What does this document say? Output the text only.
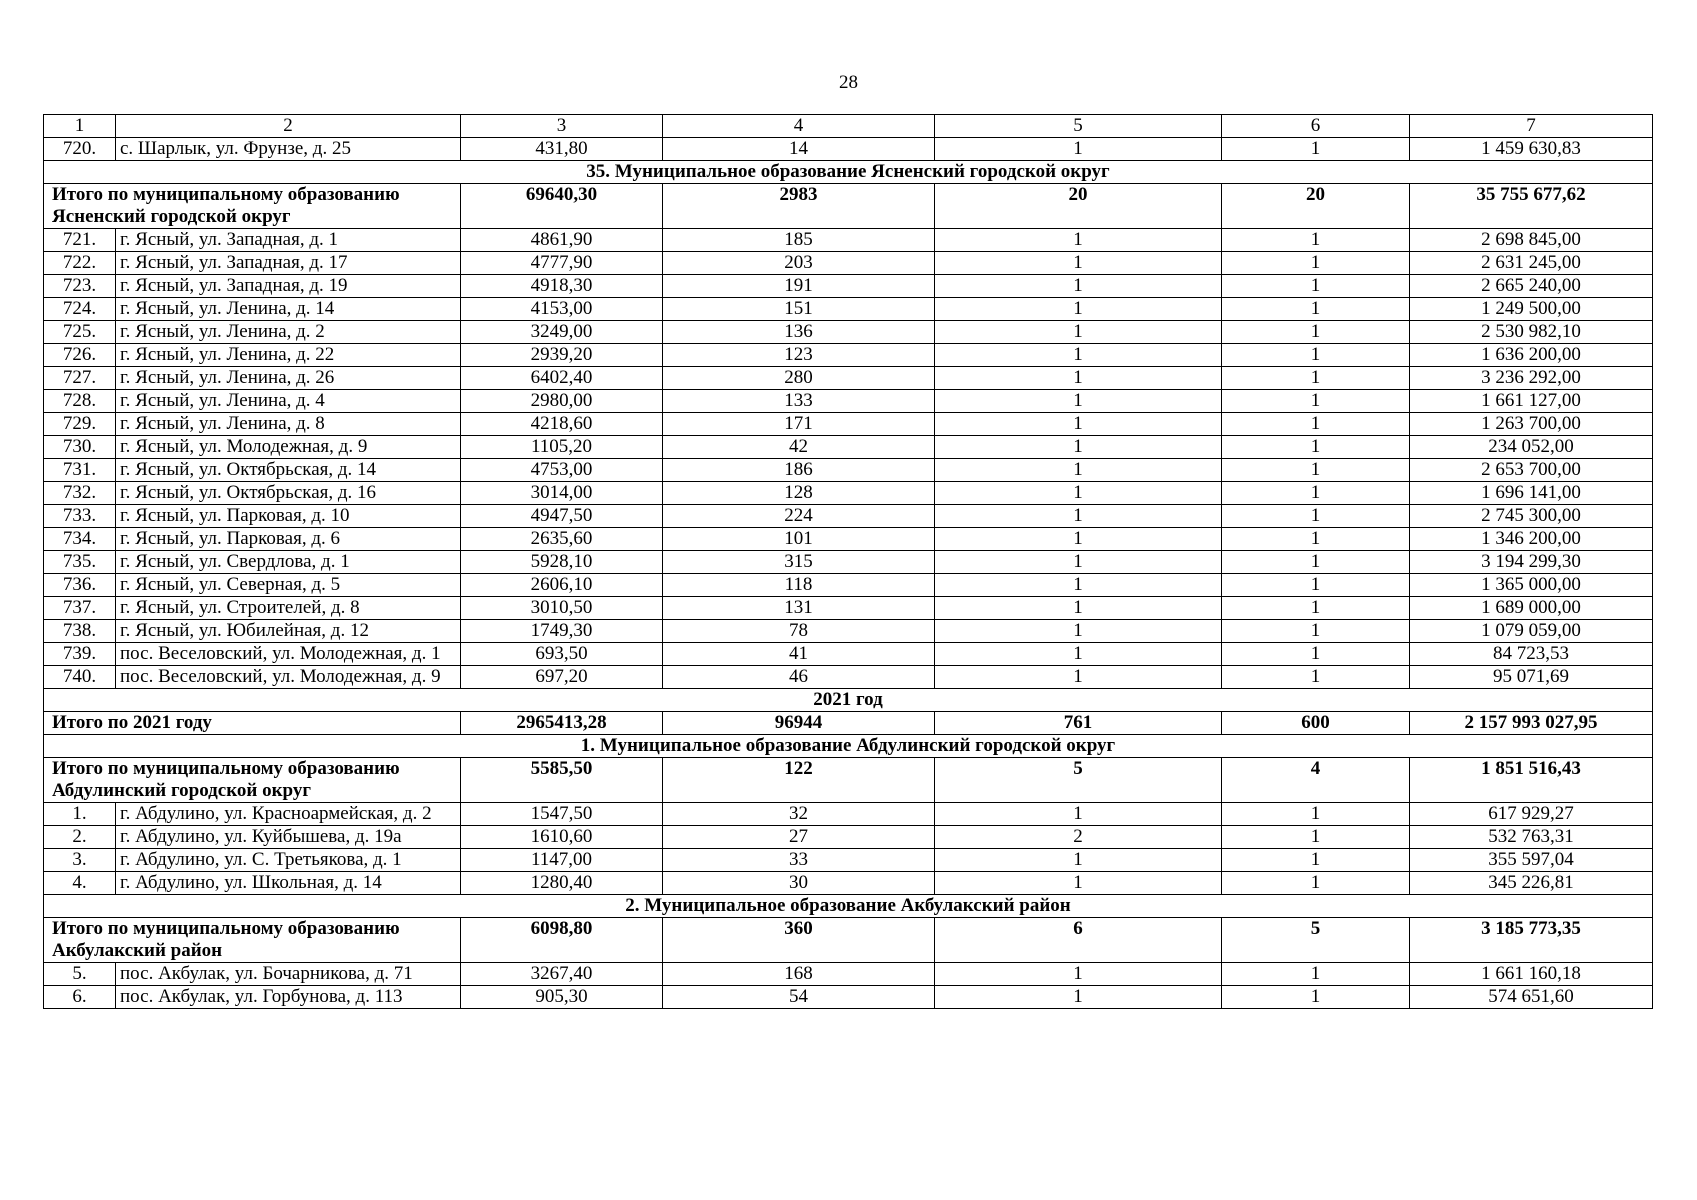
28
1	2	3	4	5	6	7
720.	с. Шарлык, ул. Фрунзе, д. 25	431,80	14	1	1	1 459 630,83
35. Муниципальное образование Ясненский городской округ						
Итого по муниципальному образованию Ясненский городской округ		69640,30	2983	20	20	35 755 677,62
721.	г. Ясный, ул. Западная, д. 1	4861,90	185	1	1	2 698 845,00
722.	г. Ясный, ул. Западная, д. 17	4777,90	203	1	1	2 631 245,00
723.	г. Ясный, ул. Западная, д. 19	4918,30	191	1	1	2 665 240,00
724.	г. Ясный, ул. Ленина, д. 14	4153,00	151	1	1	1 249 500,00
725.	г. Ясный, ул. Ленина, д. 2	3249,00	136	1	1	2 530 982,10
726.	г. Ясный, ул. Ленина, д. 22	2939,20	123	1	1	1 636 200,00
727.	г. Ясный, ул. Ленина, д. 26	6402,40	280	1	1	3 236 292,00
728.	г. Ясный, ул. Ленина, д. 4	2980,00	133	1	1	1 661 127,00
729.	г. Ясный, ул. Ленина, д. 8	4218,60	171	1	1	1 263 700,00
730.	г. Ясный, ул. Молодежная, д. 9	1105,20	42	1	1	234 052,00
731.	г. Ясный, ул. Октябрьская, д. 14	4753,00	186	1	1	2 653 700,00
732.	г. Ясный, ул. Октябрьская, д. 16	3014,00	128	1	1	1 696 141,00
733.	г. Ясный, ул. Парковая, д. 10	4947,50	224	1	1	2 745 300,00
734.	г. Ясный, ул. Парковая, д. 6	2635,60	101	1	1	1 346 200,00
735.	г. Ясный, ул. Свердлова, д. 1	5928,10	315	1	1	3 194 299,30
736.	г. Ясный, ул. Северная, д. 5	2606,10	118	1	1	1 365 000,00
737.	г. Ясный, ул. Строителей, д. 8	3010,50	131	1	1	1 689 000,00
738.	г. Ясный, ул. Юбилейная, д. 12	1749,30	78	1	1	1 079 059,00
739.	пос. Веселовский, ул. Молодежная, д. 1	693,50	41	1	1	84 723,53
740.	пос. Веселовский, ул. Молодежная, д. 9	697,20	46	1	1	95 071,69
2021 год						
Итого по 2021 году		2965413,28	96944	761	600	2 157 993 027,95
1. Муниципальное образование Абдулинский городской округ						
Итого по муниципальному образованию Абдулинский городской округ		5585,50	122	5	4	1 851 516,43
1.	г. Абдулино, ул. Красноармейская, д. 2	1547,50	32	1	1	617 929,27
2.	г. Абдулино, ул. Куйбышева, д. 19а	1610,60	27	2	1	532 763,31
3.	г. Абдулино, ул. С. Третьякова, д. 1	1147,00	33	1	1	355 597,04
4.	г. Абдулино, ул. Школьная, д. 14	1280,40	30	1	1	345 226,81
2. Муниципальное образование Акбулакский район						
Итого по муниципальному образованию Акбулакский район		6098,80	360	6	5	3 185 773,35
5.	пос. Акбулак, ул. Бочарникова, д. 71	3267,40	168	1	1	1 661 160,18
6.	пос. Акбулак, ул. Горбунова, д. 113	905,30	54	1	1	574 651,60
